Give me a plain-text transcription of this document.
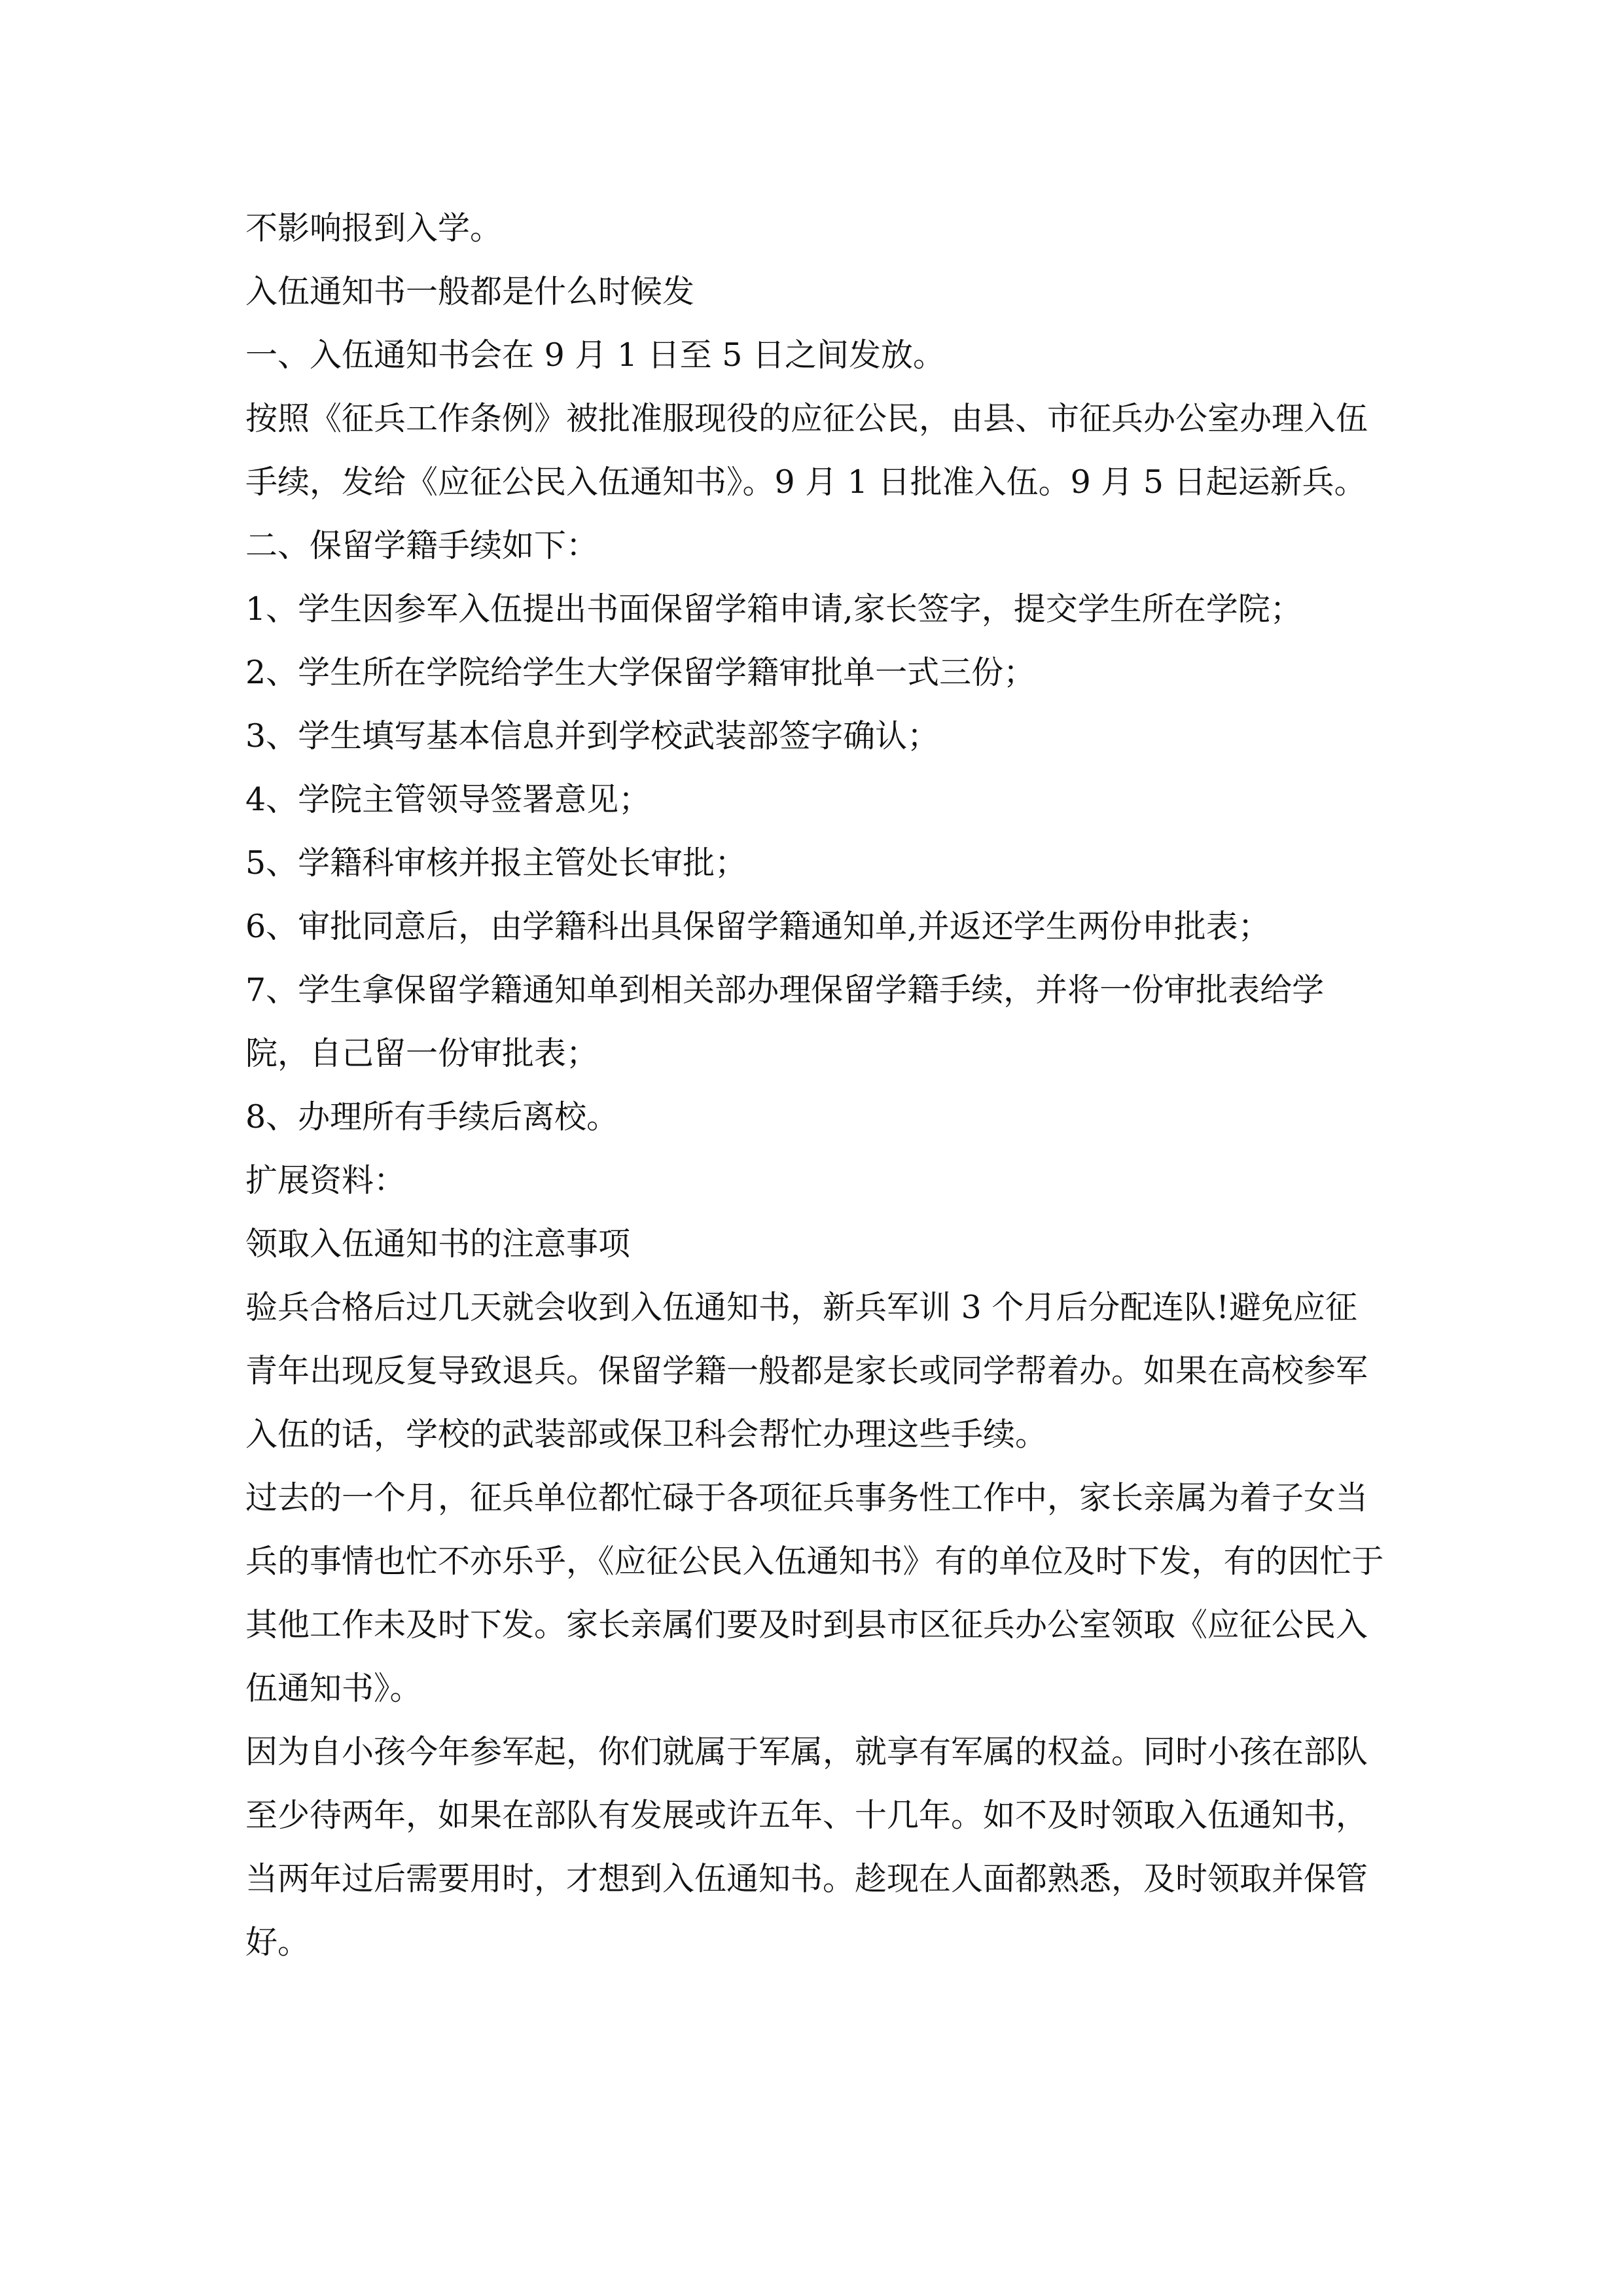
不影响报到入学。

入伍通知书一般都是什么时候发

一、入伍通知书会在 9 月 1 日至 5 日之间发放。

按照《征兵工作条例》被批准服现役的应征公民，由县、市征兵办公室办理入伍手续，发给《应征公民入伍通知书》。9 月 1 日批准入伍。9 月 5 日起运新兵。

二、保留学籍手续如下：

1、学生因参军入伍提出书面保留学箱申请,家长签字，提交学生所在学院；

2、学生所在学院给学生大学保留学籍审批单一式三份；

3、学生填写基本信息并到学校武装部签字确认；

4、学院主管领导签署意见；

5、学籍科审核并报主管处长审批；

6、审批同意后，由学籍科出具保留学籍通知单,并返还学生两份申批表；

7、学生拿保留学籍通知单到相关部办理保留学籍手续，并将一份审批表给学院，自己留一份审批表；

8、办理所有手续后离校。

扩展资料：

领取入伍通知书的注意事项

验兵合格后过几天就会收到入伍通知书，新兵军训 3 个月后分配连队!避免应征青年出现反复导致退兵。保留学籍一般都是家长或同学帮着办。如果在高校参军入伍的话，学校的武装部或保卫科会帮忙办理这些手续。

过去的一个月，征兵单位都忙碌于各项征兵事务性工作中，家长亲属为着子女当兵的事情也忙不亦乐乎，《应征公民入伍通知书》有的单位及时下发，有的因忙于其他工作未及时下发。家长亲属们要及时到县市区征兵办公室领取《应征公民入伍通知书》。

因为自小孩今年参军起，你们就属于军属，就享有军属的权益。同时小孩在部队至少待两年，如果在部队有发展或许五年、十几年。如不及时领取入伍通知书，当两年过后需要用时，才想到入伍通知书。趁现在人面都熟悉，及时领取并保管好。
